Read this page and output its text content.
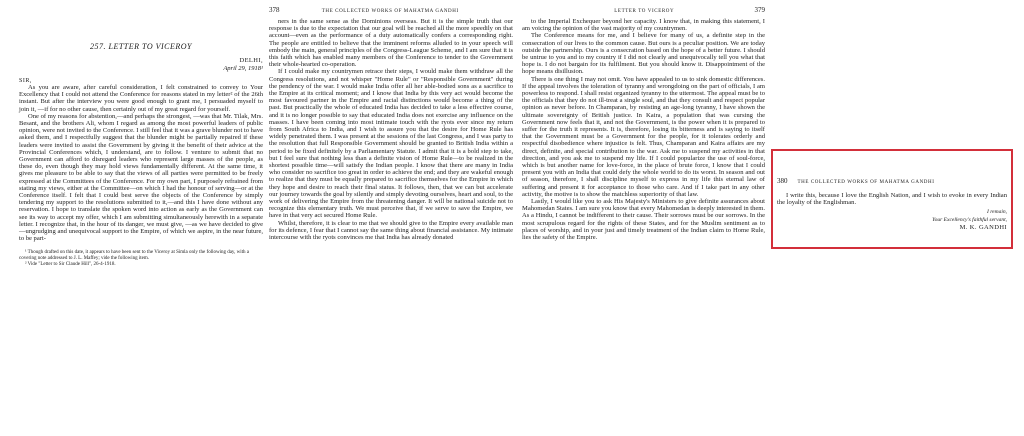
257. LETTER TO VICEROY
DELHI,
April 29, 1918¹
SIR,

As you are aware, after careful consideration, I felt constrained to convey to Your Excellency that I could not attend the Conference for reasons stated in my letter² of the 26th instant. But after the interview you were good enough to grant me, I persuaded myself to join it, —if for no other cause, then certainly out of my great regard for yourself.

One of my reasons for abstention,—and perhaps the strongest, —was that Mr. Tilak, Mrs. Besant, and the brothers Ali, whom I regard as among the most powerful leaders of public opinion, were not invited to the Conference. I still feel that it was a grave blunder not to have asked them, and I respectfully suggest that the blunder might be partially repaired if these leaders were invited to assist the Government by giving it the benefit of their advice at the Provincial Conferences which, I understand, are to follow. I venture to submit that no Government can afford to disregard leaders who represent large masses of the people, as these do, even though they may hold views fundamentally different. At the same time, it gives me pleasure to be able to say that the views of all parties were permitted to be freely expressed at the Committees of the Conference. For my own part, I purposely refrained from stating my views, either at the Committee—on which I had the honour of serving—or at the Conference itself. I felt that I could best serve the objects of the Conference by simply tendering my support to the resolutions submitted to it,—and this I have done without any reservation. I hope to translate the spoken word into action as early as the Government can see its way to accept my offer, which I am submitting simultaneously herewith in a separate letter. I recognize that, in the hour of its danger, we must give, —as we have decided to give—ungrudging and unequivocal support to the Empire, of which we aspire, in the near future, to be part-

¹ Though drafted on this date, it appears to have been sent to the Viceroy at Simla only the following day, with a covering note addressed to J. L. Maffey; vide the following item.

² Vide "Letter to Sir Claude Hill", 26-4-1918.

378	THE COLLECTED WORKS OF MAHATMA GANDHI

ners in the same sense as the Dominions overseas. But it is the simple truth that our response is due to the expectation that our goal will be reached all the more speedily on that account—even as the performance of a duty automatically confers a corresponding right. The people are entitled to believe that the imminent reforms alluded to in your speech will embody the main, general principles of the Congress-League Scheme, and I am sure that it is this faith which has enabled many members of the Conference to tender to the Government their whole-hearted co-operation.

If I could make my countrymen retrace their steps, I would make them withdraw all the Congress resolutions, and not whisper "Home Rule" or "Responsible Government" during the pendency of the war. I would make India offer all her able-bodied sons as a sacrifice to the Empire at its critical moment; and I know that India by this very act would become the most favoured partner in the Empire and racial distinctions would become a thing of the past. But practically the whole of educated India has decided to take a less effective course, and it is no longer possible to say that educated India does not exercise any influence on the masses. I have been coming into most intimate touch with the ryots ever since my return from South Africa to India, and I wish to assure you that the desire for Home Rule has widely penetrated them. I was present at the sessions of the last Congress, and I was party to the resolution that full Responsible Government should be granted to British India within a period to be fixed definitely by a Parliamentary Statute. I admit that it is a bold step to take, but I feel sure that nothing less than a definite vision of Home Rule—to be realized in the shortest possible time—will satisfy the Indian people. I know that there are many in India who consider no sacrifice too great in order to achieve the end; and they are wakeful enough to realize that they must be equally prepared to sacrifice themselves for the Empire in which they hope and desire to reach their final status. It follows, then, that we can but accelerate our journey towards the goal by silently and simply devoting ourselves, heart and soul, to the work of delivering the Empire from the threatening danger. It will be national suicide not to recognize this elementary truth. We must perceive that, if we serve to save the Empire, we have in that very act secured Home Rule.

Whilst, therefore, it is clear to me that we should give to the Empire every available man for its defence, I fear that I cannot say the same thing about financial assistance. My intimate intercourse with the ryots convinces me that India has already donated

LETTER TO VICEROY	379

to the Imperial Exchequer beyond her capacity. I know that, in making this statement, I am voicing the opinion of the vast majority of my countrymen.

The Conference means for me, and I believe for many of us, a definite step in the consecration of our lives to the common cause. But ours is a peculiar position. We are today outside the partnership. Ours is a consecration based on the hope of a better future. I should be untrue to you and to my country if I did not clearly and unequivocally tell you what that hope is. I do not bargain for its fulfilment. But you should know it. Disappointment of the hope means disillusion.

There is one thing I may not omit. You have appealed to us to sink domestic differences. If the appeal involves the toleration of tyranny and wrongdoing on the part of officials, I am powerless to respond. I shall resist organized tyranny to the uttermost. The appeal must be to the officials that they do not ill-treat a single soul, and that they consult and respect popular opinion as never before. In Champaran, by resisting an age-long tyranny, I have shown the ultimate sovereignty of British justice. In Kaira, a population that was cursing the Government now feels that it, and not the Government, is the power when it is prepared to suffer for the truth it represents. It is, therefore, losing its bitterness and is saying to itself that the Government must be a Government for the people, for it tolerates orderly and respectful disobedience where injustice is felt. Thus, Champaran and Kaira affairs are my direct, definite, and special contribution to the war. Ask me to suspend my activities in that direction, and you ask me to suspend my life. If I could popularize the use of soul-force, which is but another name for love-force, in the place of brute force, I know that I could present you with an India that could defy the whole world to do its worst. In season and out of season, therefore, I shall discipline myself to express in my life this eternal law of suffering and present it for acceptance to those who care. And if I take part in any other activity, the motive is to show the matchless superiority of that law.

Lastly, I would like you to ask His Majesty's Ministers to give definite assurances about Mahomedan States. I am sure you know that every Mahomedan is deeply interested in them. As a Hindu, I cannot be indifferent to their cause. Their sorrows must be our sorrows. In the most scrupulous regard for the rights of these States, and for the Muslim sentiment as to places of worship, and in your just and timely treatment of the Indian claim to Home Rule, lies the safety of the Empire.

380 THE COLLECTED WORKS OF MAHATMA GANDHI

I write this, because I love the English Nation, and I wish to evoke in every Indian the loyalty of the Englishman.

I remain,
Your Excellency's faithful servant,
M. K. GANDHI
